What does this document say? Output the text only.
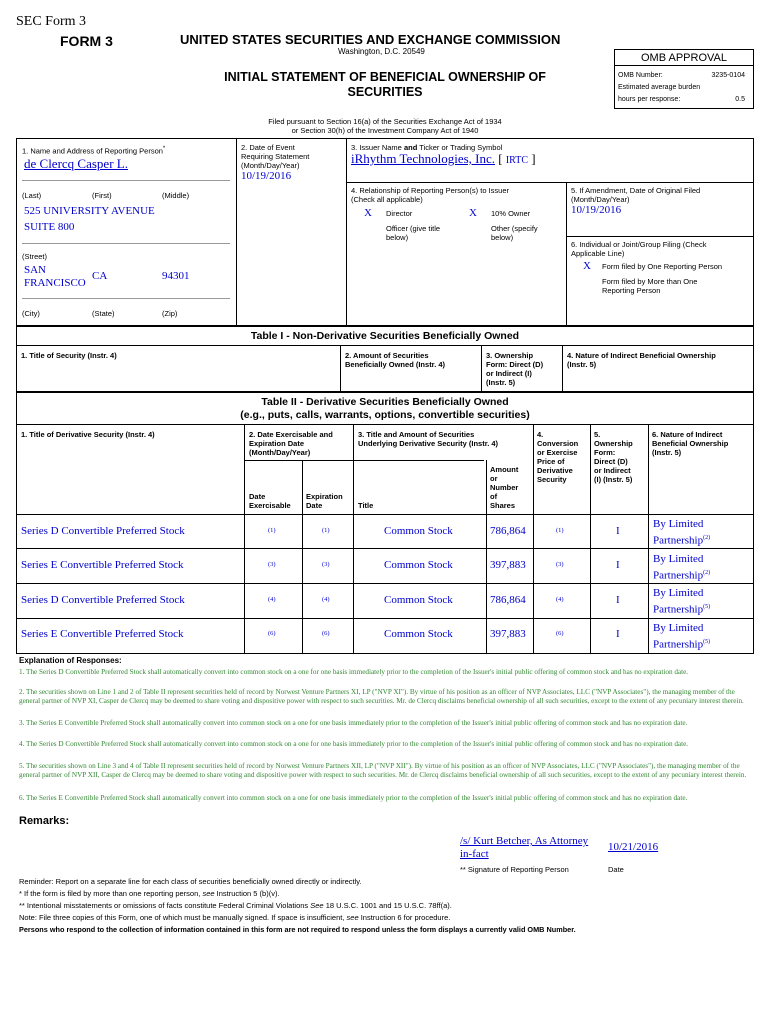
SEC Form 3
FORM 3	UNITED STATES SECURITIES AND EXCHANGE COMMISSION
Washington, D.C. 20549
INITIAL STATEMENT OF BENEFICIAL OWNERSHIP OF
SECURITIES
OMB APPROVAL
OMB Number:	3235-0104
Estimated average burden
hours per response:	0.5
Filed pursuant to Section 16(a) of the Securities Exchange Act of 1934
or Section 30(h) of the Investment Company Act of 1940
1. Name and Address of Reporting Person*
de Clercq Casper L.
(Last)	(First)	(Middle)
525 UNIVERSITY AVENUE
SUITE 800
(Street)
SAN
FRANCISCO
CA	94301
(City)	(State)	(Zip)
2. Date of Event
Requiring Statement
(Month/Day/Year)
10/19/2016
3. Issuer Name and Ticker or Trading Symbol
iRhythm Technologies, Inc. [ IRTC ]
4. Relationship of Reporting Person(s) to Issuer
(Check all applicable)
X Director	X 10% Owner
Officer (give title
below)
Other (specify
below)
5. If Amendment, Date of Original Filed
(Month/Day/Year)
10/19/2016
6. Individual or Joint/Group Filing (Check
Applicable Line)
X Form filed by One Reporting Person
Form filed by More than One
Reporting Person
Table I - Non-Derivative Securities Beneficially Owned
1. Title of Security (Instr. 4)	2. Amount of Securities
Beneficially Owned (Instr. 4)
3. Ownership
Form: Direct (D)
or Indirect (I)
(Instr. 5)
4. Nature of Indirect Beneficial Ownership
(Instr. 5)
Table II - Derivative Securities Beneficially Owned
(e.g., puts, calls, warrants, options, convertible securities)
1. Title of Derivative Security (Instr. 4)	2. Date Exercisable and
Expiration Date
(Month/Day/Year)
Date
Exercisable
Expiration
Date
3. Title and Amount of Securities
Underlying Derivative Security (Instr. 4)
Title
Amount
or
Number
of
Shares
4.
Conversion
or Exercise
Price of
Derivative
Security
5.
Ownership
Form:
Direct (D)
or Indirect
(I) (Instr. 5)
6. Nature of Indirect
Beneficial Ownership
(Instr. 5)
Series D Convertible Preferred Stock	(1)	(1)	Common Stock	786,864	(1)	I
By Limited
Partnership$^{(2)}$
Series E Convertible Preferred Stock	(3)	(3)	Common Stock	397,883	(3)	I	By Limited
Partnership$^{(2)}$
Series D Convertible Preferred Stock	(4)	(4)	Common Stock	786,864	(4)	I
By Limited
Partnership$^{(5)}$
Series E Convertible Preferred Stock	(6)	(6)	Common Stock	397,883	(6)	I	By Limited
Partnership$^{(5)}$
Explanation of Responses:
1. The Series D Convertible Preferred Stock shall automatically convert into common stock on a one for one basis immediately prior to the completion of the Issuer's initial public offering of common stock and has no expiration date.
2. The securities shown on Line 1 and 2 of Table II represent securities held of record by Norwest Venture Partners XI, LP ("NVP XI"). By virtue of his position as an officer of NVP Associates, LLC ("NVP Associates"), the managing member of the general partner of NVP XI, Casper de Clercq may be deemed to share voting and dispositive power with respect to such securities. Mr. de Clercq disclaims beneficial ownership of all such securities, except to the extent of any pecuniary interest therein.
3. The Series E Convertible Preferred Stock shall automatically convert into common stock on a one for one basis immediately prior to the completion of the Issuer's initial public offering of common stock and has no expiration date.
4. The Series D Convertible Preferred Stock shall automatically convert into common stock on a one for one basis immediately prior to the completion of the Issuer's initial public offering of common stock and has no expiration date.
5. The securities shown on Line 3 and 4 of Table II represent securities held of record by Norwest Venture Partners XII, LP ("NVP XII"). By virtue of his position as an officer of NVP Associates, LLC ("NVP Associates"), the managing member of the general partner of NVP XII, Casper de Clercq may be deemed to share voting and dispositive power with respect to such securities. Mr. de Clercq disclaims beneficial ownership of all such securities, except to the extent of any pecuniary interest therein.
6. The Series E Convertible Preferred Stock shall automatically convert into common stock on a one for one basis immediately prior to the completion of the Issuer's initial public offering of common stock and has no expiration date.
Remarks:
/s/ Kurt Betcher, As Attorney
in-fact
10/21/2016
** Signature of Reporting Person	Date
Reminder: Report on a separate line for each class of securities beneficially owned directly or indirectly.
* If the form is filed by more than one reporting person, see Instruction 5 (b)(v).
** Intentional misstatements or omissions of facts constitute Federal Criminal Violations See 18 U.S.C. 1001 and 15 U.S.C. 78ff(a).
Note: File three copies of this Form, one of which must be manually signed. If space is insufficient, see Instruction 6 for procedure.
Persons who respond to the collection of information contained in this form are not required to respond unless the form displays a currently valid OMB Number.
